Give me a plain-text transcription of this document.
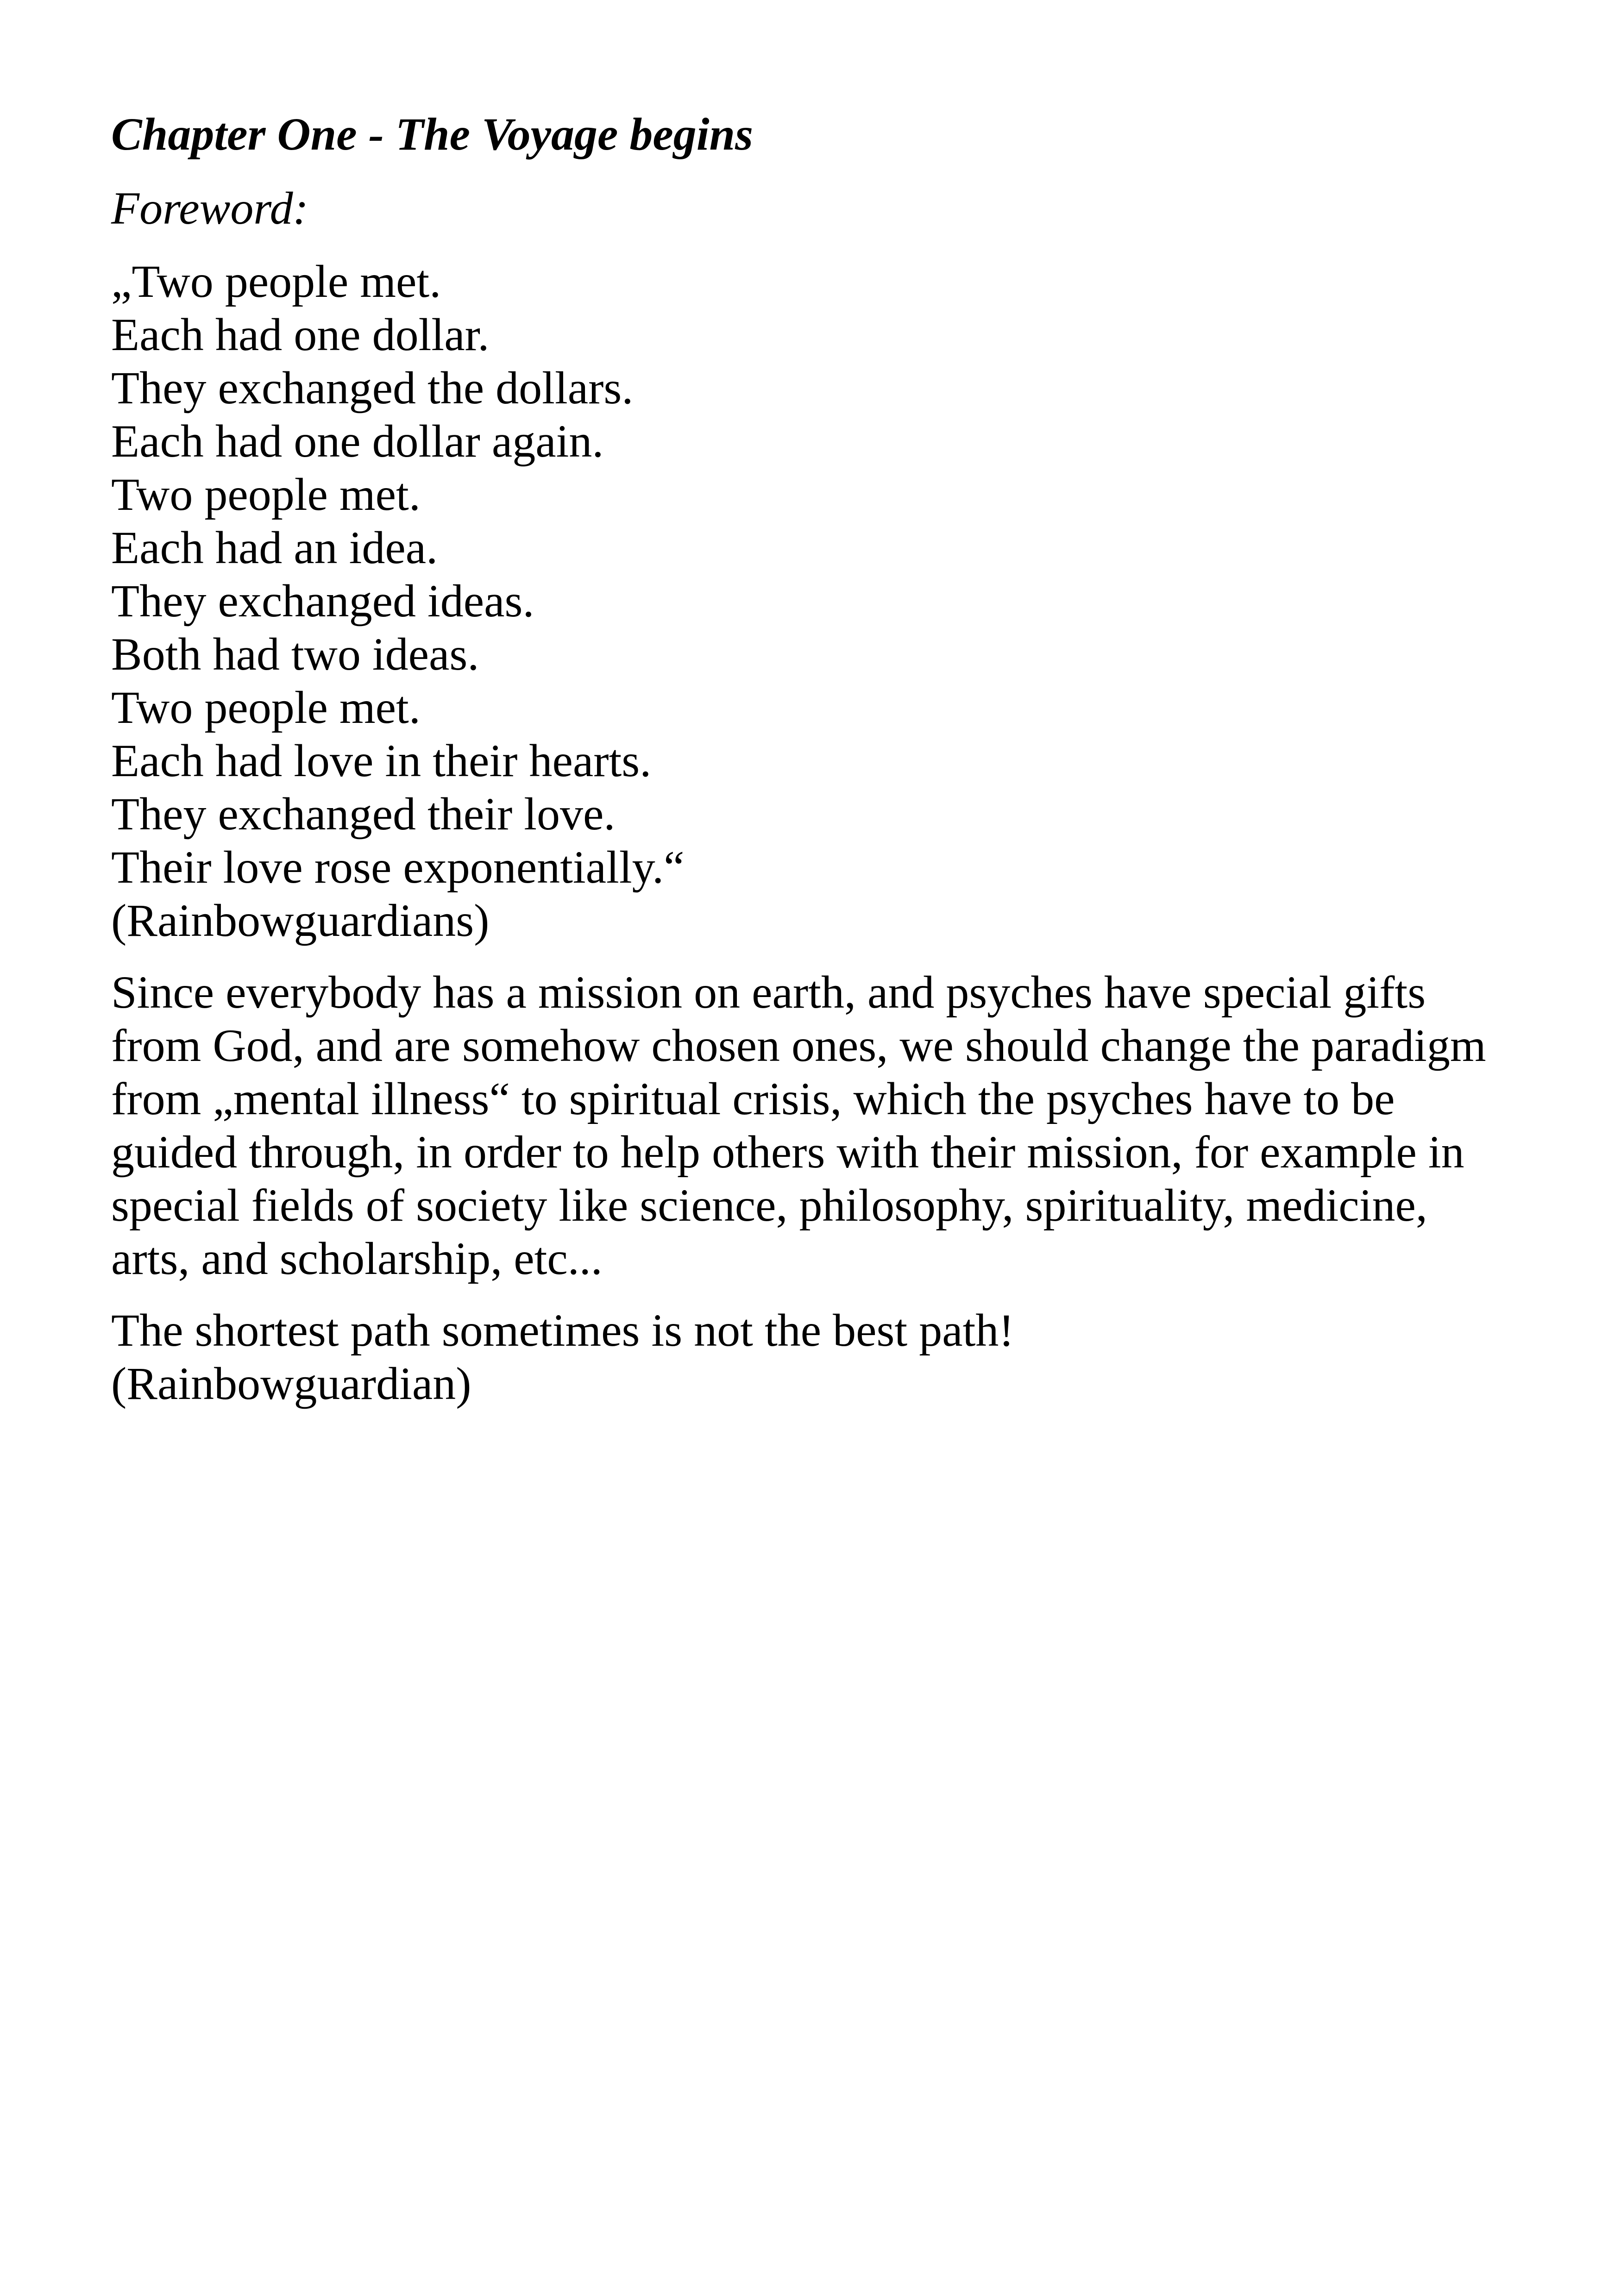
Chapter One - The Voyage begins
Foreword:
„Two people met.
Each had one dollar.
They exchanged the dollars.
Each had one dollar again.
Two people met.
Each had an idea.
They exchanged ideas.
Both had two ideas.
Two people met.
Each had love in their hearts.
They exchanged their love.
Their love rose exponentially.“
(Rainbowguardians)
Since everybody has a mission on earth, and psyches have special gifts
from God, and are somehow chosen ones, we should change the paradigm
from „mental illness“ to spiritual crisis, which the psyches have to be
guided through, in order to help others with their mission, for example in
special fields of society like science, philosophy, spirituality, medicine,
arts, and scholarship, etc...
The shortest path sometimes is not the best path!
(Rainbowguardian)
